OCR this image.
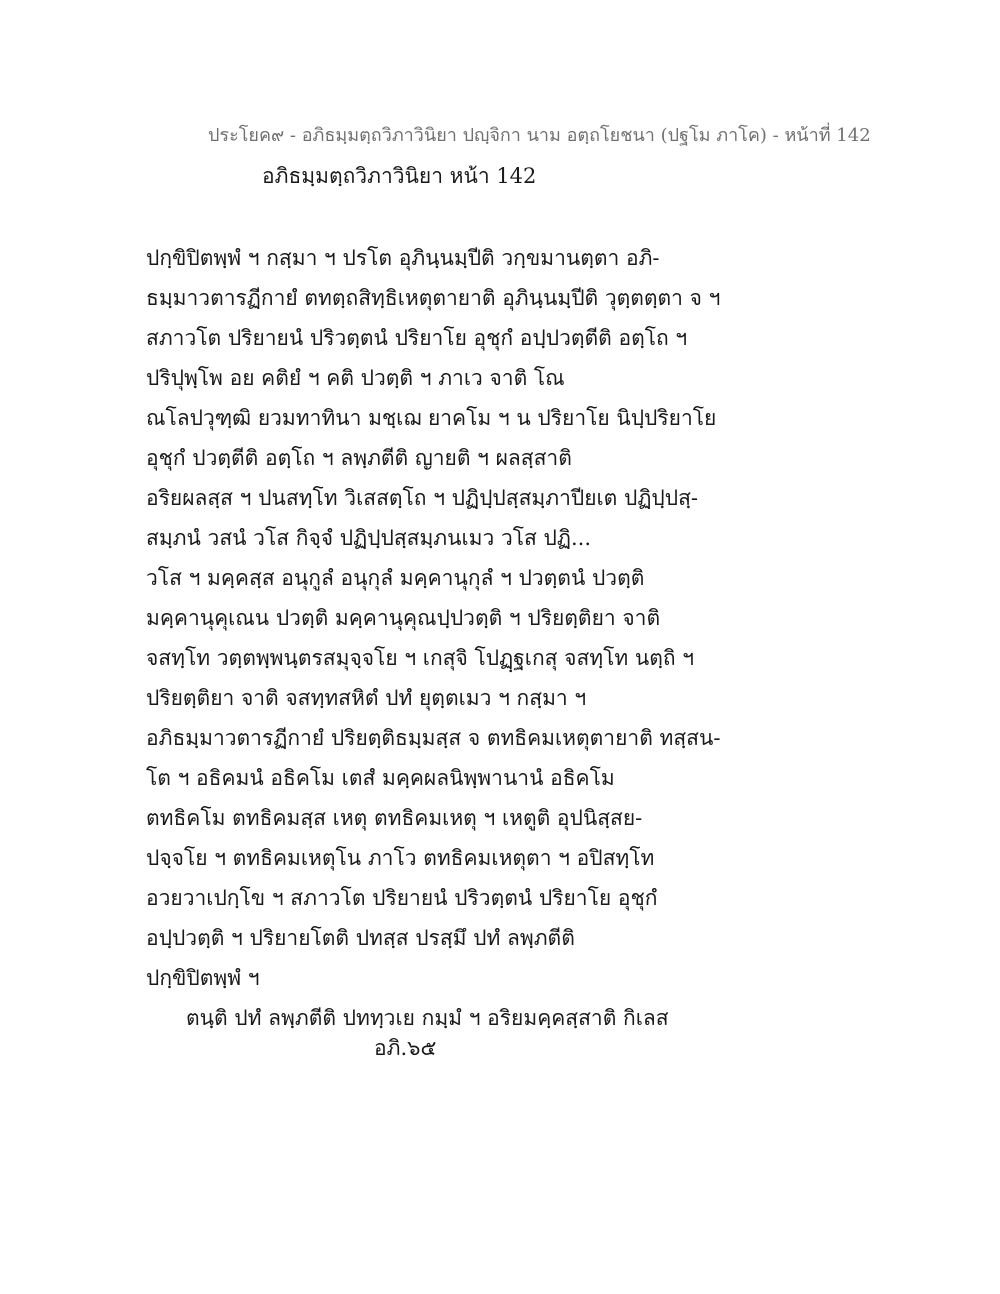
ประโยค๙ - อภิธมฺมตฺถวิภาวินิยา ปญฺจิกา นาม อตฺถโยชนา (ปฐโม ภาโค) - หน้าที่ 142
อภิธมฺมตฺถวิภาวินิยา หน้า 142
ปกฺขิปิตพฺพํ ฯ กสฺมา ฯ ปรโต อุภินฺนมฺปีติ วกฺขมานตฺตา อภิ-
ธมฺมาวตารฏีกายํ ตทตฺถสิทฺธิเหตุตายาติ อุภินฺนมฺปีติ วุตฺตตฺตา จ ฯ
สภาวโต ปริยายนํ ปริวตฺตนํ ปริยาโย อุชุกํ อปฺปวตฺตีติ อตฺโถ ฯ
ปริปุพฺโพ อย คติยํ ฯ คติ ปวตฺติ ฯ ภาเว จาติ โณ
ณโลปวุฑฺฒิ ยวมทาทินา มชฺเฌ ยาคโม ฯ น ปริยาโย นิปฺปริยาโย
อุชุกํ ปวตฺตีติ อตฺโถ ฯ ลพฺภตีติ ญายติ ฯ ผลสฺสาติ
อริยผลสฺส ฯ ปนสทฺโท วิเสสตฺโถ ฯ ปฏิปฺปสฺสมฺภาปียเต ปฏิปฺปสฺ-
สมฺภนํ วสนํ วโส กิจฺจํ ปฏิปฺปสฺสมฺภนเมว วโส ปฏิ...
วโส ฯ มคฺคสฺส อนุกูลํ อนุกุลํ มคฺคานุกุลํ ฯ ปวตฺตนํ ปวตฺติ
มคฺคานุคุเณน ปวตฺติ มคฺคานุคุณปฺปวตฺติ ฯ ปริยตฺติยา จาติ
จสทฺโท วตฺตพฺพนฺตรสมุจฺจโย ฯ เกสุจิ โปฏฺฐเกสุ จสทฺโท นตฺถิ ฯ
ปริยตฺติยา จาติ จสทฺทสหิตํ ปทํ ยุตฺตเมว ฯ กสฺมา ฯ
อภิธมฺมาวตารฏีกายํ ปริยตฺติธมฺมสฺส จ ตทธิคมเหตุตายาติ ทสฺสน-
โต ฯ อธิคมนํ อธิคโม เตสํ มคฺคผลนิพฺพานานํ อธิคโม
ตทธิคโม ตทธิคมสฺส เหตุ ตทธิคมเหตุ ฯ เหตูติ อุปนิสฺสย-
ปจฺจโย ฯ ตทธิคมเหตุโน ภาโว ตทธิคมเหตุตา ฯ อปิสทฺโท
อวยวาเปกฺโข ฯ สภาวโต ปริยายนํ ปริวตฺตนํ ปริยาโย อุชุกํ
อปฺปวตฺติ ฯ ปริยายโตติ ปทสฺส ปรสฺมึ ปทํ ลพฺภตีติ
ปกฺขิปิตพฺพํ ฯ
ตนฺติ ปทํ ลพฺภตีติ ปททฺวเย กมฺมํ ฯ อริยมคฺคสฺสาติ กิเลส
อภิ.๖๕
